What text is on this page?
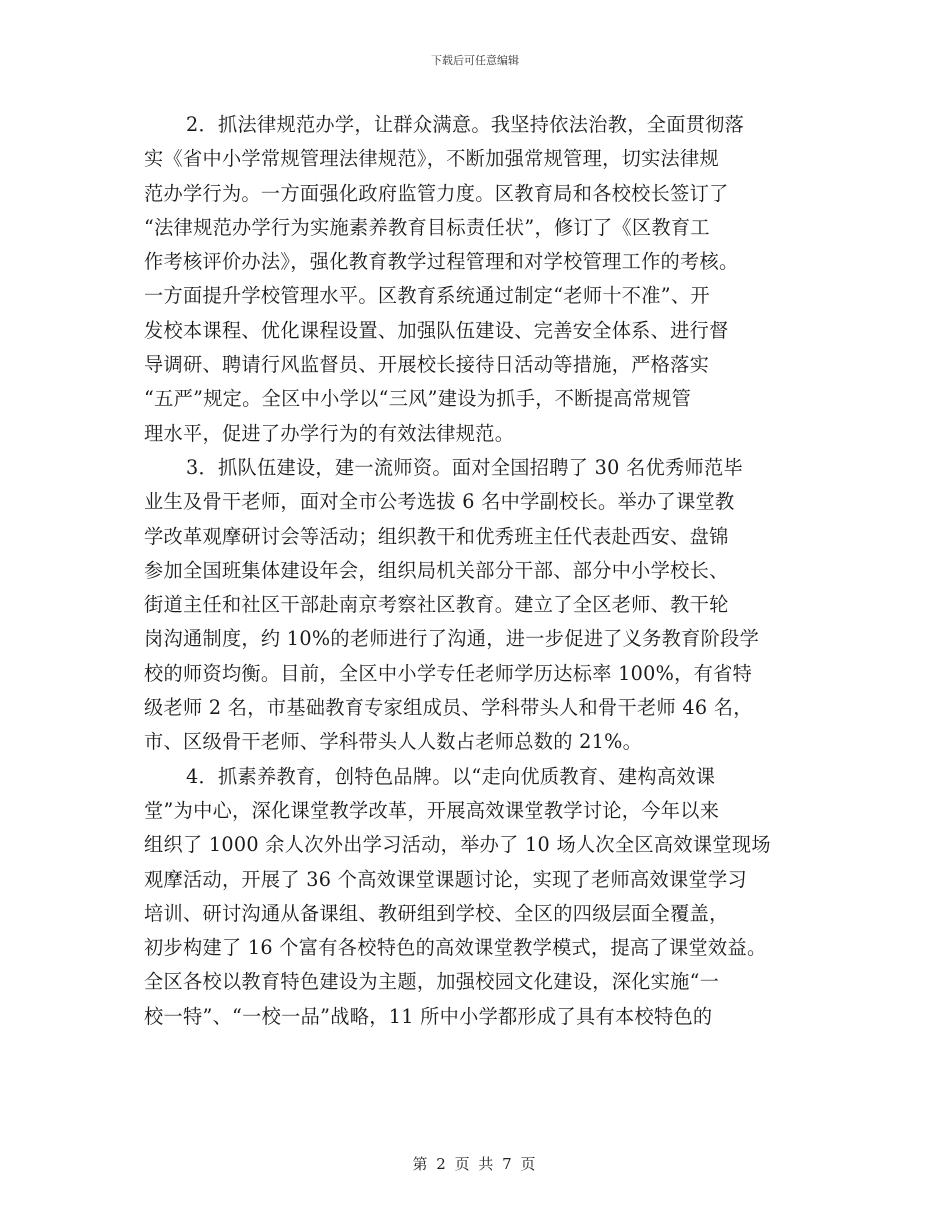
下载后可任意编辑
2．抓法律规范办学，让群众满意。我坚持依法治教，全面贯彻落
实《省中小学常规管理法律规范》，不断加强常规管理，切实法律规
范办学行为。一方面强化政府监管力度。区教育局和各校校长签订了
“法律规范办学行为实施素养教育目标责任状”，修订了《区教育工
作考核评价办法》，强化教育教学过程管理和对学校管理工作的考核。
一方面提升学校管理水平。区教育系统通过制定“老师十不准”、开
发校本课程、优化课程设置、加强队伍建设、完善安全体系、进行督
导调研、聘请行风监督员、开展校长接待日活动等措施，严格落实
“五严”规定。全区中小学以“三风”建设为抓手，不断提高常规管
理水平，促进了办学行为的有效法律规范。
3．抓队伍建设，建一流师资。面对全国招聘了 30 名优秀师范毕
业生及骨干老师，面对全市公考选拔 6 名中学副校长。举办了课堂教
学改革观摩研讨会等活动；组织教干和优秀班主任代表赴西安、盘锦
参加全国班集体建设年会，组织局机关部分干部、部分中小学校长、
街道主任和社区干部赴南京考察社区教育。建立了全区老师、教干轮
岗沟通制度，约 10%的老师进行了沟通，进一步促进了义务教育阶段学
校的师资均衡。目前，全区中小学专任老师学历达标率 100%，有省特
级老师 2 名，市基础教育专家组成员、学科带头人和骨干老师 46 名，
市、区级骨干老师、学科带头人人数占老师总数的 21%。
4．抓素养教育，创特色品牌。以“走向优质教育、建构高效课
堂”为中心，深化课堂教学改革，开展高效课堂教学讨论，今年以来
组织了 1000 余人次外出学习活动，举办了 10 场人次全区高效课堂现场
观摩活动，开展了 36 个高效课堂课题讨论，实现了老师高效课堂学习
培训、研讨沟通从备课组、教研组到学校、全区的四级层面全覆盖，
初步构建了 16 个富有各校特色的高效课堂教学模式，提高了课堂效益。
全区各校以教育特色建设为主题，加强校园文化建设，深化实施“一
校一特”、“一校一品”战略，11 所中小学都形成了具有本校特色的
第 2 页 共 7 页
